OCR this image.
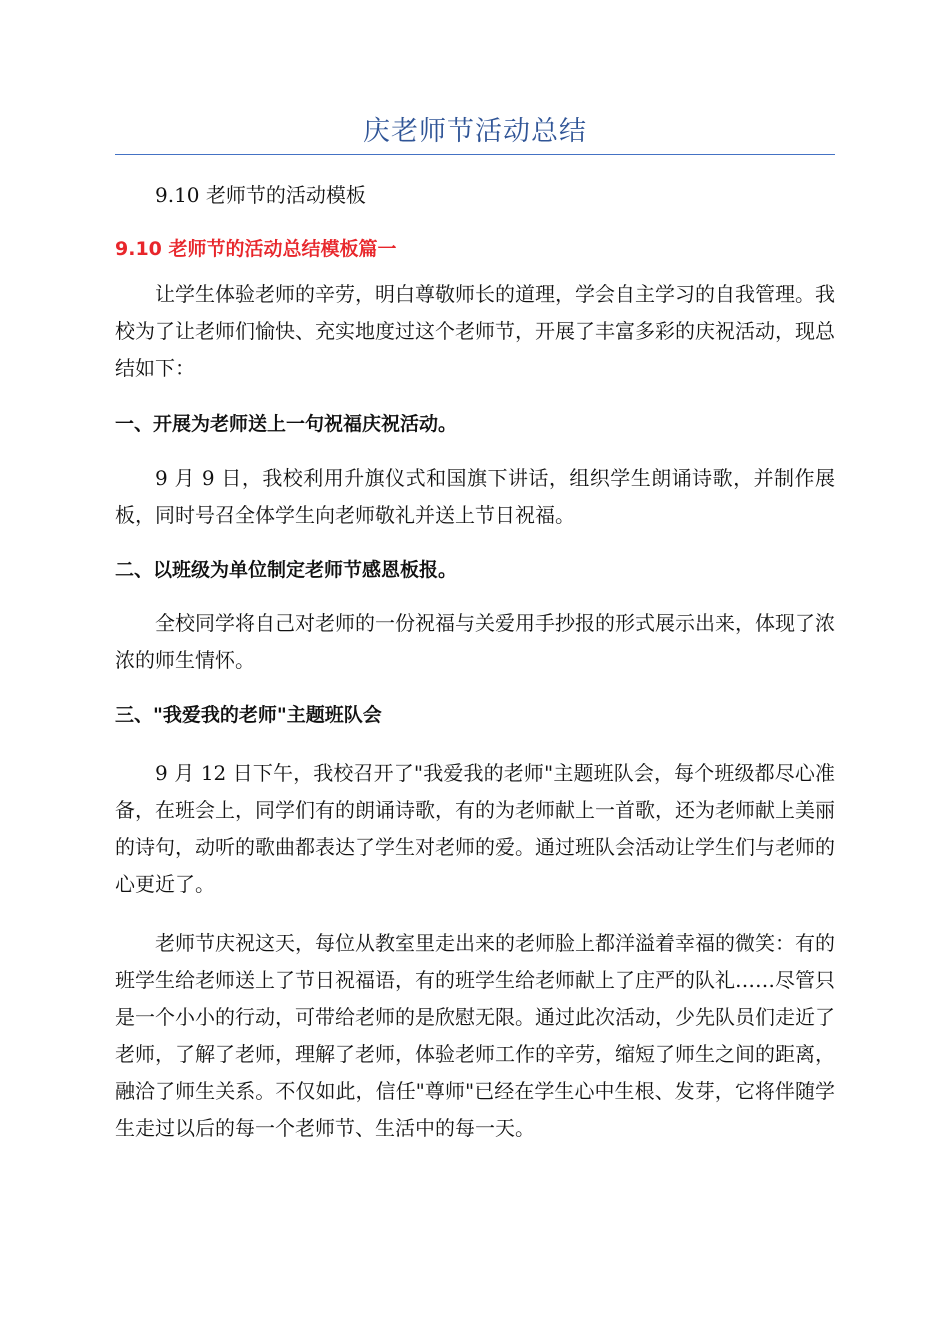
庆老师节活动总结

9.10 老师节的活动模板

9.10 老师节的活动总结模板篇一

让学生体验老师的辛劳，明白尊敬师长的道理，学会自主学习的自我管理。我校为了让老师们愉快、充实地度过这个老师节，开展了丰富多彩的庆祝活动，现总结如下：

一、开展为老师送上一句祝福庆祝活动。

9 月 9 日，我校利用升旗仪式和国旗下讲话，组织学生朗诵诗歌，并制作展板，同时号召全体学生向老师敬礼并送上节日祝福。

二、以班级为单位制定老师节感恩板报。

全校同学将自己对老师的一份祝福与关爱用手抄报的形式展示出来，体现了浓浓的师生情怀。

三、"我爱我的老师"主题班队会

9 月 12 日下午，我校召开了"我爱我的老师"主题班队会，每个班级都尽心准备，在班会上，同学们有的朗诵诗歌，有的为老师献上一首歌，还为老师献上美丽的诗句，动听的歌曲都表达了学生对老师的爱。通过班队会活动让学生们与老师的心更近了。

老师节庆祝这天，每位从教室里走出来的老师脸上都洋溢着幸福的微笑：有的班学生给老师送上了节日祝福语，有的班学生给老师献上了庄严的队礼……尽管只是一个小小的行动，可带给老师的是欣慰无限。通过此次活动，少先队员们走近了老师，了解了老师，理解了老师，体验老师工作的辛劳，缩短了师生之间的距离，融洽了师生关系。不仅如此，信任"尊师"已经在学生心中生根、发芽，它将伴随学生走过以后的每一个老师节、生活中的每一天。
